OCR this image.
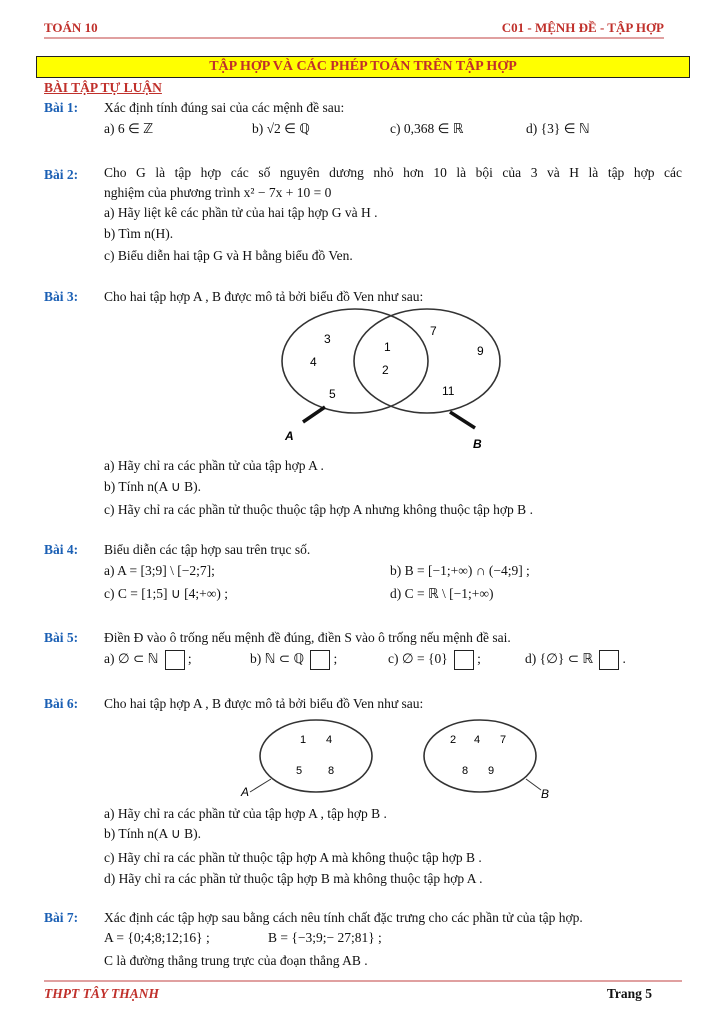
TOÁN 10	C01 - MỆNH ĐỀ - TẬP HỢP
TẬP HỢP VÀ CÁC PHÉP TOÁN TRÊN TẬP HỢP
BÀI TẬP TỰ LUẬN
Bài 1: Xác định tính đúng sai của các mệnh đề sau:
a) 6 ∈ ℤ	b) √2 ∈ ℚ	c) 0,368 ∈ ℝ	d) {3} ∈ ℕ
Bài 2: Cho G là tập hợp các số nguyên dương nhỏ hơn 10 là bội của 3 và H là tập hợp các
nghiệm của phương trình x² − 7x + 10 = 0
a) Hãy liệt kê các phần tử của hai tập hợp G và H .
b) Tìm n(H).
c) Biểu diễn hai tập G và H bằng biểu đồ Ven.
Bài 3: Cho hai tập hợp A , B được mô tả bởi biểu đồ Ven như sau:
A
B
3
4
5
1
2
7
9
11
a) Hãy chỉ ra các phần tử của tập hợp A .
b) Tính n(A ∪ B).
c) Hãy chỉ ra các phần tử thuộc thuộc tập hợp A nhưng không thuộc tập hợp B .
Bài 4: Biểu diễn các tập hợp sau trên trục số.
a) A = [3;9] \ [−2;7];	b) B = [−1;+∞) ∩ (−4;9] ;
c) C = [1;5] ∪ [4;+∞) ;	d) C = ℝ \ [−1;+∞)
Bài 5: Điền Đ vào ô trống nếu mệnh đề đúng, điền S vào ô trống nếu mệnh đề sai.
a) ∅ ⊂ ℕ ;	b) ℕ ⊂ ℚ ;	c) ∅ = {0} ;	d) {∅} ⊂ ℝ .
Bài 6: Cho hai tập hợp A , B được mô tả bởi biểu đồ Ven như sau:
A	B
1 4
5 8
2 4 7
8 9
a) Hãy chỉ ra các phần tử của tập hợp A , tập hợp B .
b) Tính n(A ∪ B).
c) Hãy chỉ ra các phần tử thuộc tập hợp A mà không thuộc tập hợp B .
d) Hãy chỉ ra các phần tử thuộc tập hợp B mà không thuộc tập hợp A .
Bài 7: Xác định các tập hợp sau bằng cách nêu tính chất đặc trưng cho các phần tử của tập hợp.
A = {0;4;8;12;16} ;	B = {−3;9;− 27;81} ;
C là đường thẳng trung trực của đoạn thẳng AB .
THPT TÂY THẠNH	Trang 5
